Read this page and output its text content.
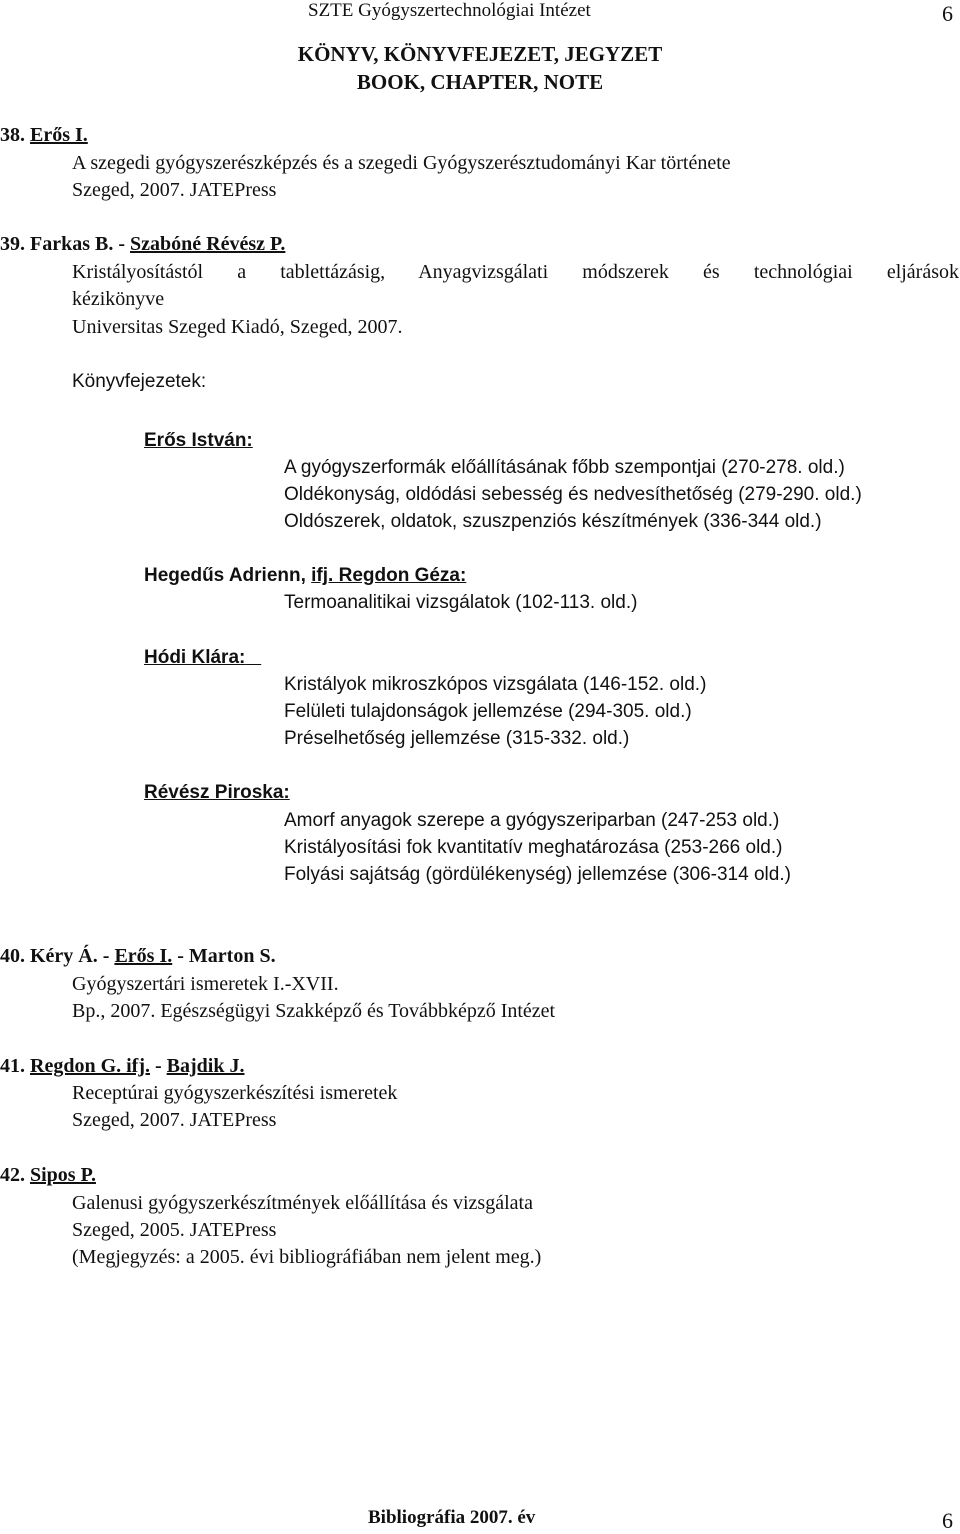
SZTE Gyógyszertechnológiai Intézet	6
KÖNYV, KÖNYVFEJEZET, JEGYZET
BOOK, CHAPTER, NOTE
38. Erős I.
A szegedi gyógyszerészképzés és a szegedi Gyógyszerésztudományi Kar története
Szeged, 2007. JATEPress
39. Farkas B. - Szabóné Révész P.
Kristályosítástól a tablettázásig, Anyagvizsgálati módszerek és technológiai eljárások
kézikönyve
Universitas Szeged Kiadó, Szeged, 2007.
Könyvfejezetek:
Erős István:
A gyógyszerformák előállításának főbb szempontjai (270-278. old.)
Oldékonyság, oldódási sebesség és nedvesíthetőség (279-290. old.)
Oldószerek, oldatok, szuszpenziós készítmények (336-344 old.)
Hegedűs Adrienn, ifj. Regdon Géza:
Termoanalitikai vizsgálatok (102-113. old.)
Hódi Klára:
Kristályok mikroszkópos vizsgálata (146-152. old.)
Felületi tulajdonságok jellemzése (294-305. old.)
Préselhetőség jellemzése (315-332. old.)
Révész Piroska:
Amorf anyagok szerepe a gyógyszeriparban (247-253 old.)
Kristályosítási fok kvantitatív meghatározása (253-266 old.)
Folyási sajátság (gördülékenység) jellemzése (306-314 old.)
40. Kéry Á. - Erős I. - Marton S.
Gyógyszertári ismeretek I.-XVII.
Bp., 2007. Egészségügyi Szakképző és Továbbképző Intézet
41. Regdon G. ifj. - Bajdik J.
Receptúrai gyógyszerkészítési ismeretek
Szeged, 2007. JATEPress
42. Sipos P.
Galenusi gyógyszerkészítmények előállítása és vizsgálata
Szeged, 2005. JATEPress
(Megjegyzés: a 2005. évi bibliográfiában nem jelent meg.)
Bibliográfia 2007. év	6
